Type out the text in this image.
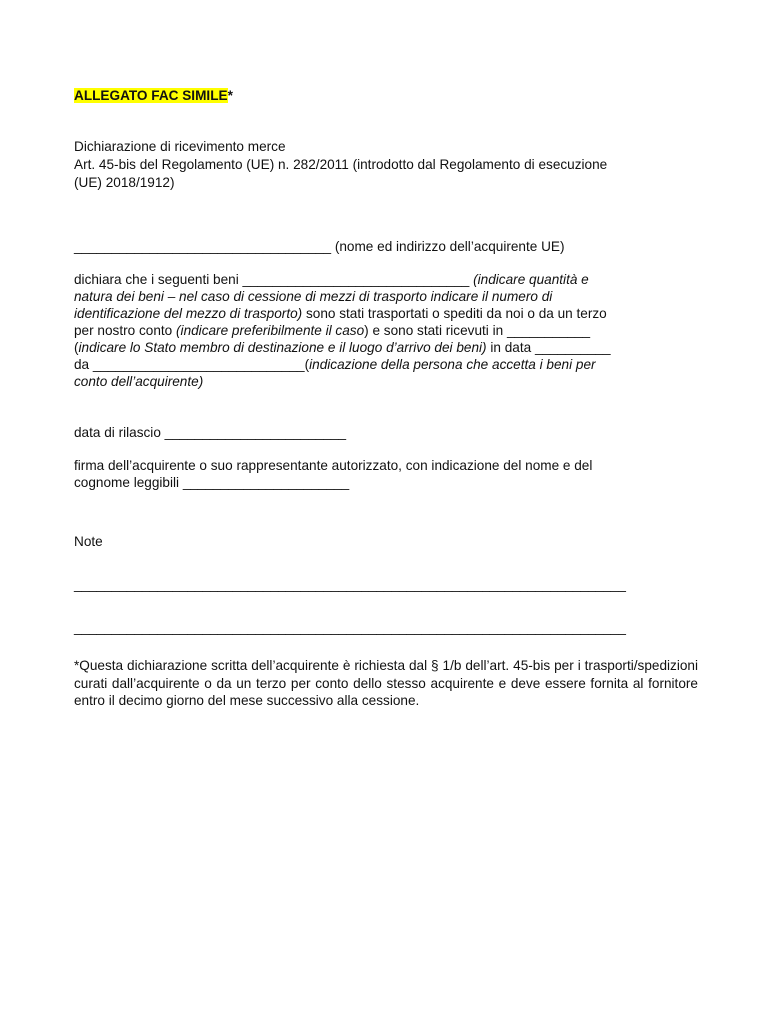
ALLEGATO FAC SIMILE*
Dichiarazione di ricevimento merce
Art. 45-bis del Regolamento (UE) n. 282/2011 (introdotto dal Regolamento di esecuzione
(UE) 2018/1912)
__________________________________ (nome ed indirizzo dell’acquirente UE)
dichiara che i seguenti beni ______________________________ (indicare quantità e
natura dei beni – nel caso di cessione di mezzi di trasporto indicare il numero di
identificazione del mezzo di trasporto) sono stati trasportati o spediti da noi o da un terzo
per nostro conto (indicare preferibilmente il caso) e sono stati ricevuti in ___________
(indicare lo Stato membro di destinazione e il luogo d’arrivo dei beni) in data __________
da ____________________________(indicazione della persona che accetta i beni per
conto dell’acquirente)
data di rilascio ________________________
firma dell’acquirente o suo rappresentante autorizzato, con indicazione del nome e del
cognome leggibili ______________________
Note
_________________________________________________________________________
_________________________________________________________________________
*Questa dichiarazione scritta dell’acquirente è richiesta dal § 1/b dell’art. 45-bis per i trasporti/spedizioni curati dall’acquirente o da un terzo per conto dello stesso acquirente e deve essere fornita al fornitore entro il decimo giorno del mese successivo alla cessione.
